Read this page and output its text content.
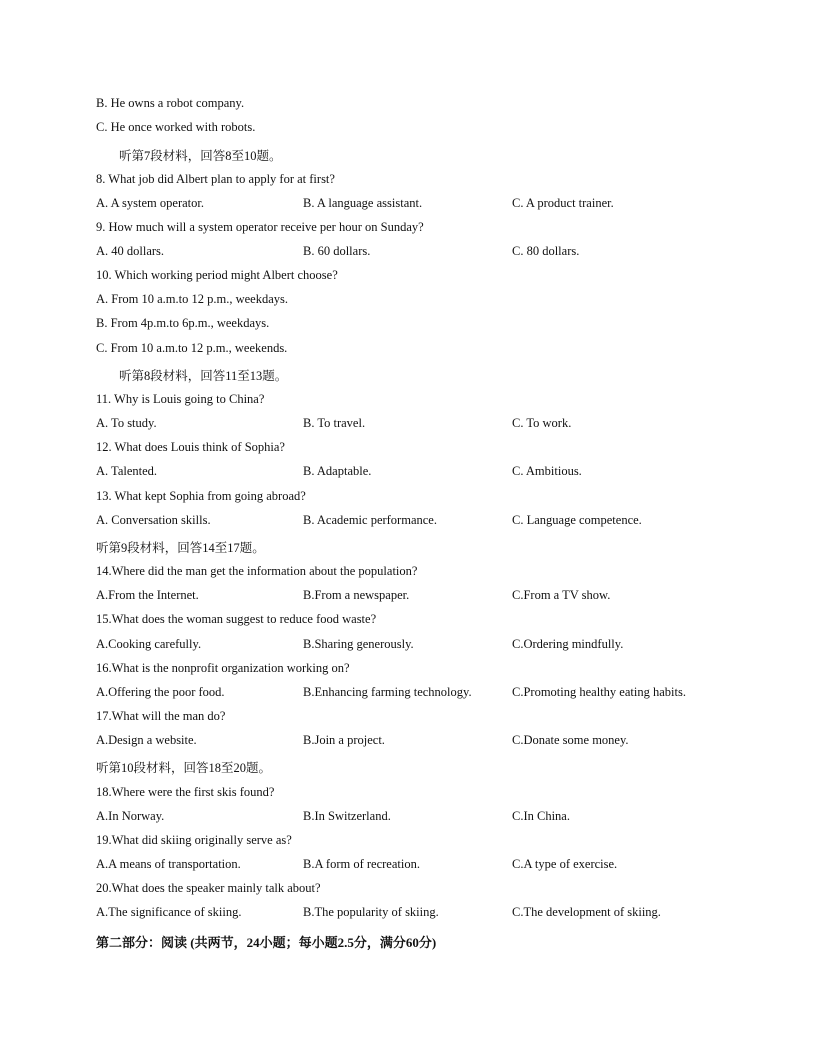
B. He owns a robot company.
C. He once worked with robots.
听第7段材料，回答8至10题。
8. What job did Albert plan to apply for at first?
A. A system operator.	B. A language assistant.	C. A product trainer.
9. How much will a system operator receive per hour on Sunday?
A. 40 dollars.	B. 60 dollars.	C. 80 dollars.
10. Which working period might Albert choose?
A. From 10 a.m.to 12 p.m., weekdays.
B. From 4p.m.to 6p.m., weekdays.
C. From 10 a.m.to 12 p.m., weekends.
听第8段材料，回答11至13题。
11. Why is Louis going to China?
A. To study.	B. To travel.	C. To work.
12. What does Louis think of Sophia?
A. Talented.	B. Adaptable.	C. Ambitious.
13. What kept Sophia from going abroad?
A. Conversation skills.	B. Academic performance.	C. Language competence.
听第9段材料，回答14至17题。
14.Where did the man get the information about the population?
A.From the Internet.	B.From a newspaper.	C.From a TV show.
15.What does the woman suggest to reduce food waste?
A.Cooking carefully.	B.Sharing generously.	C.Ordering mindfully.
16.What is the nonprofit organization working on?
A.Offering the poor food.	B.Enhancing farming technology.	C.Promoting healthy eating habits.
17.What will the man do?
A.Design a website.	B.Join a project.	C.Donate some money.
听第10段材料，回答18至20题。
18.Where were the first skis found?
A.In Norway.	B.In Switzerland.	C.In China.
19.What did skiing originally serve as?
A.A means of transportation.	B.A form of recreation.	C.A type of exercise.
20.What does the speaker mainly talk about?
A.The significance of skiing.	B.The popularity of skiing.	C.The development of skiing.
第二部分：阅读 (共两节，24小题；每小题2.5分，满分60分)
